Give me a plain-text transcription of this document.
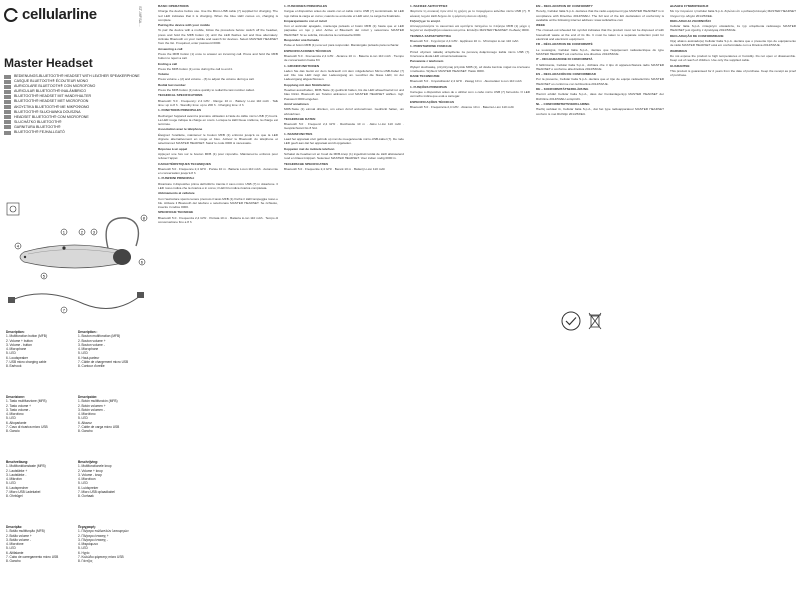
cellularline	ST-MFSA...
Master Headset
BEDIENUNGS-BLUETOOTH® HEADSET WITH LEATHER SPEAKERPHONE
CASQUE BLUETOOTH® ÉCOUTEUR MONO
AURICOLARE BLUETOOTH® CON MICROFONO
AURICULAR BLUETOOTH® INALÁMBRICO
BLUETOOTH® HEADSET MIT HANDYHALTER
BLUETOOTH® HEADSET MET MICROFOON
ΑΚΟΥΣΤΙΚΑ BLUETOOTH® ΜΕ ΜΙΚΡΟΦΩΝΟ
BLUETOOTH® SŁUCHAWKA DOUSZNA
HEADSET BLUETOOTH® COM MICROFONE
SLUCHÁTKO BLUETOOTH®
GARNITURA BLUETOOTH®
BLUETOOTH® FEJHALLGATÓ
1	2 3
4
5
6
7
8
Description:
1. Multifunction button (MFB)
2. Volume + button
3. Volume - button
4. Microphone
5. LED
6. Loudspeaker
7. USB micro charging cable
8. Earhook
Description :
1. Bouton multifonction (MFB)
2. Bouton volume +
3. Bouton volume -
4. Microphone
5. LED
6. Haut-parleur
7. Câble de chargement micro USB
8. Contour d'oreille
Descrizione:
1. Tasto multifunzione (MFB)
2. Tasto volume +
3. Tasto volume -
4. Microfono
5. LED
6. Altoparlante
7. Cavo di ricarica micro USB
8. Gancio
Descripción:
1. Botón multifunción (MFB)
2. Botón volumen +
3. Botón volumen -
4. Micrófono
5. LED
6. Altavoz
7. Cable de carga micro USB
8. Gancho
Beschreibung:
1. Multifunktionstaste (MFB)
2. Lautstärke +
3. Lautstärke -
4. Mikrofon
5. LED
6. Lautsprecher
7. Micro USB Ladekabel
8. Ohrbügel
Beschrijving:
1. Multifunctionele knop
2. Volume + knop
3. Volume - knop
4. Microfoon
5. LED
6. Luidspreker
7. Micro USB oplaadkabel
8. Oorhaak
Descrição:
1. Botão multifunção (MFB)
2. Botão volume +
3. Botão volume -
4. Microfone
5. LED
6. Altifalante
7. Cabo de carregamento micro USB
8. Gancho
Περιγραφή:
1. Πλήκτρο πολλαπλών λειτουργιών
2. Πλήκτρο έντασης +
3. Πλήκτρο έντασης -
4. Μικρόφωνο
5. LED
6. Ηχείο
7. Καλώδιο φόρτισης micro USB
8. Γάντζος

BASIC OPERATIONS

Charge the device before use. Use the Micro-USB cable (7) supplied for charging. The red LED indicates that it is charging. When the blue LED comes on, charging is complete.

Pairing the device with your mobile

To pair the device with a mobile, follow the procedure below: switch off the headset, press and hold the MFB button (1) until the LED flashes red and blue alternately. Activate Bluetooth on your mobile and search for devices. Select MASTER HEADSET from the list. If required, enter password 0000.

Answering a call

Press the MFB button (1) once to answer an incoming call. Press and hold the MFB button to reject a call.

Ending a call

Press the MFB button (1) once during the call to end it.

Volume

Press volume + (2) and volume - (3) to adjust the volume during a call.

Redial last number

Press the MFB button (1) twice quickly to redial the last number called.

TECHNICAL SPECIFICATIONS

Bluetooth: 5.0 · Frequency: 2.4 GHz · Range: 10 m · Battery: Li-ion 110 mAh · Talk time: up to 8 h · Standby time: up to 200 h · Charging time: 2 h

1. FONCTIONS PRINCIPALES

Rechargez l'appareil avant la première utilisation à l'aide du câble micro USB (7) fourni. La LED rouge indique la charge en cours. Lorsque la LED bleue s'allume, la charge est terminée.

Association avec le téléphone

Éteignez l'oreillette, maintenez le bouton MFB (1) enfoncé jusqu'à ce que la LED clignote alternativement en rouge et bleu. Activez le Bluetooth du téléphone et sélectionnez MASTER HEADSET. Saisir le code 0000 si nécessaire.

Réponse à un appel

Appuyez une fois sur le bouton MFB (1) pour répondre. Maintenez-le enfoncé pour refuser l'appel.

CARACTÉRISTIQUES TECHNIQUES

Bluetooth 5.0 · Fréquence 2,4 GHz · Portée 10 m · Batterie Li-ion 110 mAh · Autonomie en conversation jusqu'à 8 h

1. FUNZIONI PRINCIPALI

Ricaricare il dispositivo prima dell'utilizzo tramite il cavo micro USB (7) in dotazione. Il LED rosso indica che la ricarica è in corso; il LED blu indica ricarica completata.

Abbinamento al cellulare

Con l'auricolare spento tenere premuto il tasto MFB (1) finché il LED lampeggia rosso e blu. Attivare il Bluetooth del telefono e selezionare MASTER HEADSET. Se richiesto, inserire il codice 0000.

SPECIFICHE TECNICHE

Bluetooth 5.0 · Frequenza 2,4 GHz · Portata 10 m · Batteria Li-ion 110 mAh · Tempo di conversazione fino a 8 h

1. FUNCIONES PRINCIPALES

Cargue el dispositivo antes de usarlo con el cable micro USB (7) suministrado. El LED rojo indica la carga en curso; cuando se enciende el LED azul, la carga ha finalizado.

Emparejamiento con el móvil

Con el auricular apagado, mantenga pulsado el botón MFB (1) hasta que el LED parpadee en rojo y azul. Active el Bluetooth del móvil y seleccione MASTER HEADSET. Si se solicita, introduzca la contraseña 0000.

Responder una llamada

Pulse el botón MFB (1) una vez para responder. Manténgalo pulsado para rechazar.

ESPECIFICACIONES TÉCNICAS

Bluetooth 5.0 · Frecuencia 2,4 GHz · Alcance 10 m · Batería Li-ion 110 mAh · Tiempo de conversación hasta 8 h

1. GRUNDFUNKTIONEN

Laden Sie das Gerät vor dem Gebrauch mit dem mitgelieferten Micro-USB-Kabel (7) auf. Die rote LED zeigt den Ladevorgang an. Leuchtet die blaue LED, ist der Ladevorgang abgeschlossen.

Kopplung mit dem Mobiltelefon

Headset ausschalten, MFB-Taste (1) gedrückt halten, bis die LED abwechselnd rot und blau blinkt. Bluetooth am Telefon aktivieren und MASTER HEADSET wählen. Ggf. Passwort 0000 eingeben.

Anruf annehmen

MFB-Taste (1) einmal drücken, um einen Anruf anzunehmen. Gedrückt halten, um abzulehnen.

TECHNISCHE DATEN

Bluetooth 5.0 · Frequenz 2,4 GHz · Reichweite 10 m · Akku Li-Ion 110 mAh · Gesprächszeit bis 8 Std.

1. BASISFUNCTIES

Laad het apparaat vóór gebruik op met de meegeleverde micro-USB-kabel (7). De rode LED geeft aan dat het apparaat wordt opgeladen.

Koppelen met de mobiele telefoon

Schakel de headset uit en houd de MFB-knop (1) ingedrukt totdat de LED afwisselend rood en blauw knippert. Selecteer MASTER HEADSET. Voer indien nodig 0000 in.

TECHNISCHE SPECIFICATIES

Bluetooth 5.0 · Frequentie 2,4 GHz · Bereik 10 m · Batterij Li-ion 110 mAh

1. ΒΑΣΙΚΕΣ ΛΕΙΤΟΥΡΓΙΕΣ

Φορτίστε τη συσκευή πριν από τη χρήση με το παρεχόμενο καλώδιο micro USB (7). Η κόκκινη λυχνία LED δείχνει ότι η φόρτιση είναι σε εξέλιξη.

Σύζευξη με το κινητό

Απενεργοποιήστε το ακουστικό και κρατήστε πατημένο το πλήκτρο MFB (1) μέχρι η λυχνία να αναβοσβήνει κόκκινο και μπλε. Επιλέξτε MASTER HEADSET. Κωδικός 0000.

ΤΕΧΝΙΚΑ ΧΑΡΑΚΤΗΡΙΣΤΙΚΑ

Bluetooth 5.0 · Συχνότητα 2,4 GHz · Εμβέλεια 10 m · Μπαταρία Li-ion 110 mAh

1. PODSTAWOWE FUNKCJE

Przed użyciem naładuj urządzenie za pomocą dołączonego kabla micro USB (7). Czerwona dioda LED oznacza ładowanie.

Parowanie z telefonem

Wyłącz słuchawkę, przytrzymaj przycisk MFB (1), aż dioda zacznie migać na czerwono i niebiesko. Wybierz MASTER HEADSET. Hasło 0000.

DANE TECHNICZNE

Bluetooth 5.0 · Częstotliwość 2,4 GHz · Zasięg 10 m · Akumulator Li-ion 110 mAh

1. FUNÇÕES PRINCIPAIS

Carregue o dispositivo antes de o utilizar com o cabo micro USB (7) fornecido. O LED vermelho indica que está a carregar.

ESPECIFICAÇÕES TÉCNICAS

Bluetooth 5.0 · Frequência 2,4 GHz · Alcance 10 m · Bateria Li-ion 110 mAh

EN – DECLARATION OF CONFORMITY

Hereby, Cellular Italia S.p.A. declares that the radio equipment type MASTER HEADSET is in compliance with Directive 2014/53/EU. The full text of the EU declaration of conformity is available at the following internet address: www.cellularline.com

WEEE

The crossed-out wheeled bin symbol indicates that the product must not be disposed of with household waste at the end of its life. It must be taken to a separate collection point for electrical and electronic equipment.

FR – DÉCLARATION DE CONFORMITÉ

Le soussigné, Cellular Italia S.p.A., déclare que l'équipement radioélectrique du type MASTER HEADSET est conforme à la directive 2014/53/UE.

IT – DICHIARAZIONE DI CONFORMITÀ

Il fabbricante, Cellular Italia S.p.A., dichiara che il tipo di apparecchiatura radio MASTER HEADSET è conforme alla direttiva 2014/53/UE.

ES – DECLARACIÓN DE CONFORMIDAD

Por la presente, Cellular Italia S.p.A. declara que el tipo de equipo radioeléctrico MASTER HEADSET es conforme con la Directiva 2014/53/UE.

DE – KONFORMITÄTSERKLÄRUNG

Hiermit erklärt Cellular Italia S.p.A., dass der Funkanlagentyp MASTER HEADSET der Richtlinie 2014/53/EU entspricht.

NL – CONFORMITEITSVERKLARING

Hierbij verklaar ik, Cellular Italia S.p.A., dat het type radioapparatuur MASTER HEADSET conform is met Richtlijn 2014/53/EU.

ΔΗΛΩΣΗ ΣΥΜΜΟΡΦΩΣΗΣ

Με την παρούσα η Cellular Italia S.p.A. δηλώνει ότι ο ραδιοεξοπλισμός MASTER HEADSET πληροί την οδηγία 2014/53/ΕΕ.

DEKLARACJA ZGODNOŚCI

Cellular Italia S.p.A. niniejszym oświadcza, że typ urządzenia radiowego MASTER HEADSET jest zgodny z dyrektywą 2014/53/UE.

DECLARAÇÃO DE CONFORMIDADE

O(a) abaixo assinado(a) Cellular Italia S.p.A. declara que o presente tipo de equipamento de rádio MASTER HEADSET está em conformidade com a Diretiva 2014/53/UE.

WARNINGS

Do not expose the product to high temperatures or humidity. Do not open or disassemble. Keep out of reach of children. Use only the supplied cable.

GUARANTEE

This product is guaranteed for 2 years from the date of purchase. Keep the receipt as proof of purchase.
